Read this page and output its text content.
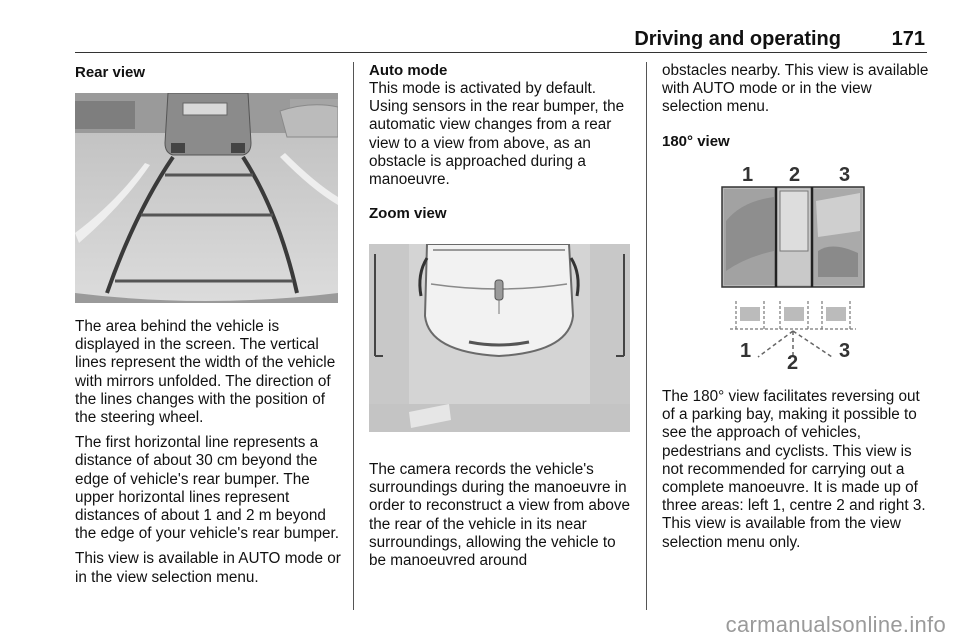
Driving and operating	171
Rear view

The area behind the vehicle is displayed in the screen. The vertical lines represent the width of the vehicle with mirrors unfolded. The direction of the lines changes with the position of the steering wheel.

The first horizontal line represents a distance of about 30 cm beyond the edge of vehicle's rear bumper. The upper horizontal lines represent distances of about 1 and 2 m beyond the edge of your vehicle's rear bumper.

This view is available in AUTO mode or in the view selection menu.

Auto mode

This mode is activated by default. Using sensors in the rear bumper, the automatic view changes from a rear view to a view from above, as an obstacle is approached during a manoeuvre.

Zoom view

The camera records the vehicle's surroundings during the manoeuvre in order to reconstruct a view from above the rear of the vehicle in its near surroundings, allowing the vehicle to be manoeuvred around

obstacles nearby. This view is available with AUTO mode or in the view selection menu.

180° view
1 2 3
1
2
3

The 180° view facilitates reversing out of a parking bay, making it possible to see the approach of vehicles, pedestrians and cyclists. This view is not recommended for carrying out a complete manoeuvre. It is made up of three areas: left 1, centre 2 and right 3. This view is available from the view selection menu only.

carmanualsonline.info
